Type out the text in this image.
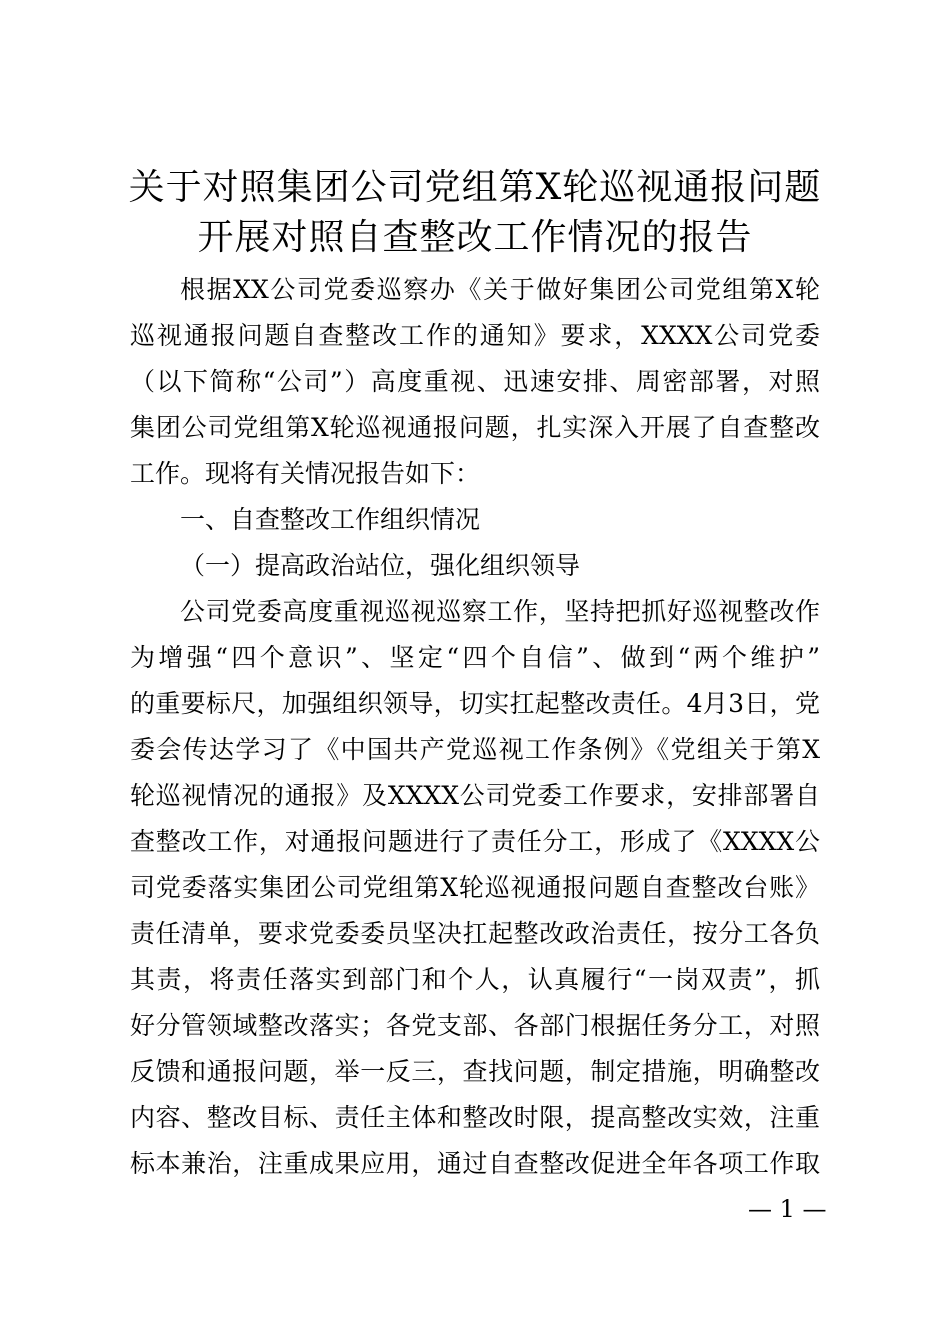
关于对照集团公司党组第X轮巡视通报问题
开展对照自查整改工作情况的报告
根据XX公司党委巡察办《关于做好集团公司党组第X轮
巡视通报问题自查整改工作的通知》要求，XXXX公司党委
（以下简称“公司”）高度重视、迅速安排、周密部署，对照
集团公司党组第X轮巡视通报问题，扎实深入开展了自查整改
工作。现将有关情况报告如下：
一、自查整改工作组织情况
（一）提高政治站位，强化组织领导
公司党委高度重视巡视巡察工作，坚持把抓好巡视整改作
为增强“四个意识”、坚定“四个自信”、做到“两个维护”
的重要标尺，加强组织领导，切实扛起整改责任。4月3日，党
委会传达学习了《中国共产党巡视工作条例》《党组关于第X
轮巡视情况的通报》及XXXX公司党委工作要求，安排部署自
查整改工作，对通报问题进行了责任分工，形成了《XXXX公
司党委落实集团公司党组第X轮巡视通报问题自查整改台账》
责任清单，要求党委委员坚决扛起整改政治责任，按分工各负
其责，将责任落实到部门和个人，认真履行“一岗双责”，抓
好分管领域整改落实；各党支部、各部门根据任务分工，对照
反馈和通报问题，举一反三，查找问题，制定措施，明确整改
内容、整改目标、责任主体和整改时限，提高整改实效，注重
标本兼治，注重成果应用，通过自查整改促进全年各项工作取
— 1 —
